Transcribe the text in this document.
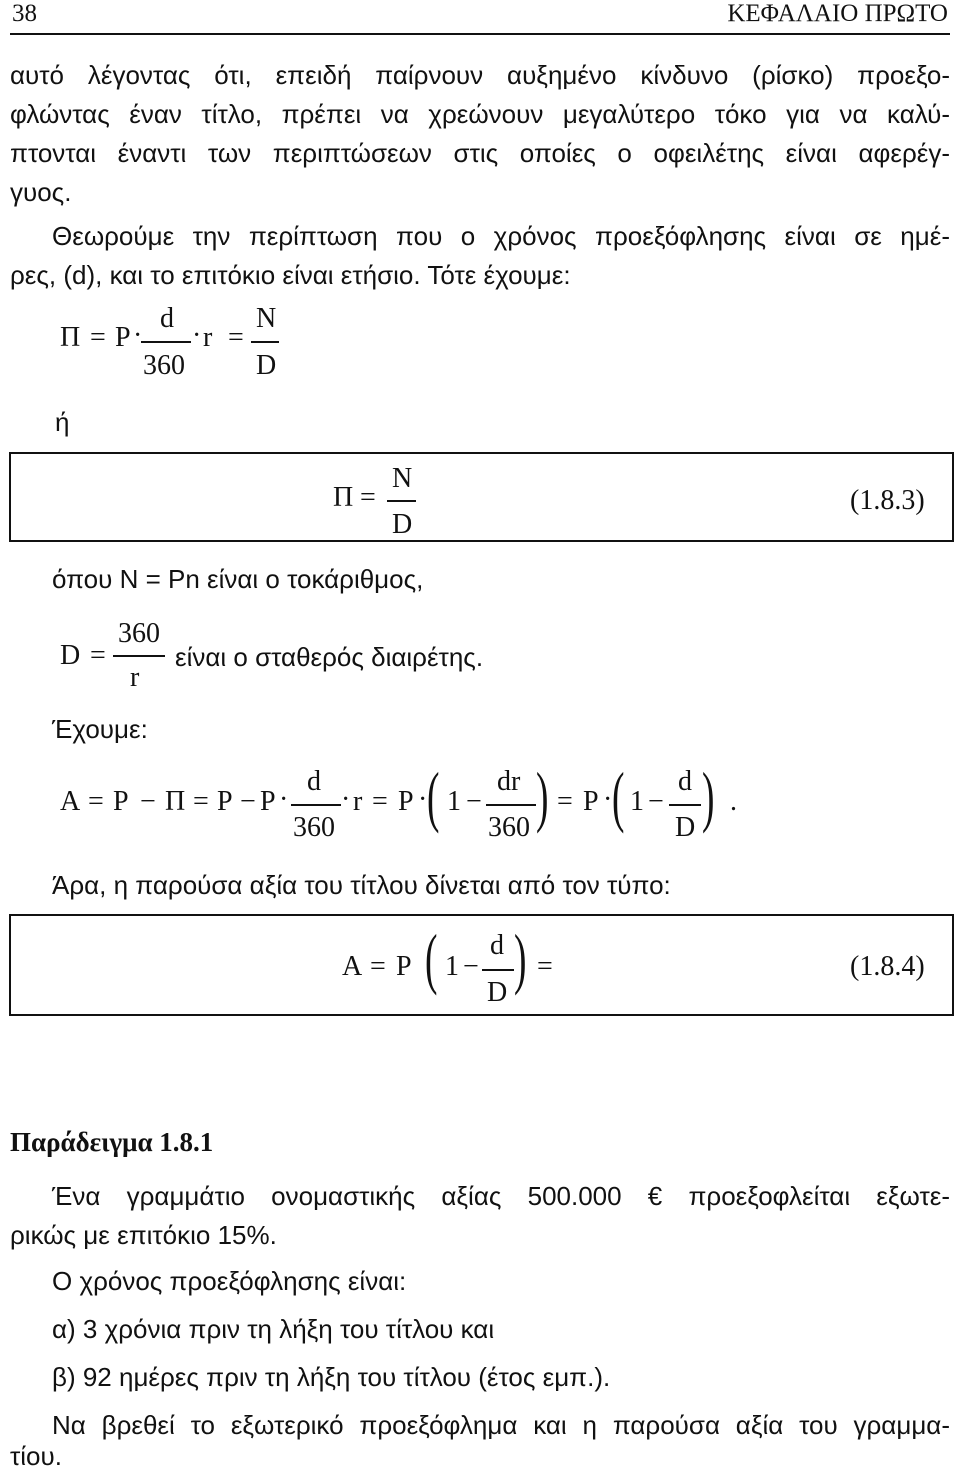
38	ΚΕΦΑΛΑΙΟ ΠΡΩΤΟ
αυτό λέγοντας ότι, επειδή παίρνουν αυξημένο κίνδυνο (ρίσκο) προεξο-
φλώντας έναν τίτλο, πρέπει να χρεώνουν μεγαλύτερο τόκο για να καλύ-
πτονται έναντι των περιπτώσεων στις οποίες ο οφειλέτης είναι αφερέγ-
γυος.
Θεωρούμε την περίπτωση που ο χρόνος προεξόφλησης είναι σε ημέ-
ρες, (d), και το επιτόκιο είναι ετήσιο. Τότε έχουμε:
Π = P ·
d
360
· r =
N
D
ή
Π =
N
D
(1.8.3)
όπου N = Pn είναι ο τοκάριθμος,
D =
360
r
είναι ο σταθερός διαιρέτης.
Έχουμε:
A = P − Π = P − P ·
d
360
· r = P · ( 1 −
dr
360 ) = P · ( 1 −
d
D ) .
Άρα, η παρούσα αξία του τίτλου δίνεται από τον τύπο:
A = P ( 1 −
d
D ) =	(1.8.4)
Παράδειγμα 1.8.1
Ένα γραμμάτιο ονομαστικής αξίας 500.000 € προεξοφλείται εξωτε-
ρικώς με επιτόκιο 15%.
Ο χρόνος προεξόφλησης είναι:
α) 3 χρόνια πριν τη λήξη του τίτλου και
β) 92 ημέρες πριν τη λήξη του τίτλου (έτος εμπ.).
Να βρεθεί το εξωτερικό προεξόφλημα και η παρούσα αξία του γραμμα-
τίου.
